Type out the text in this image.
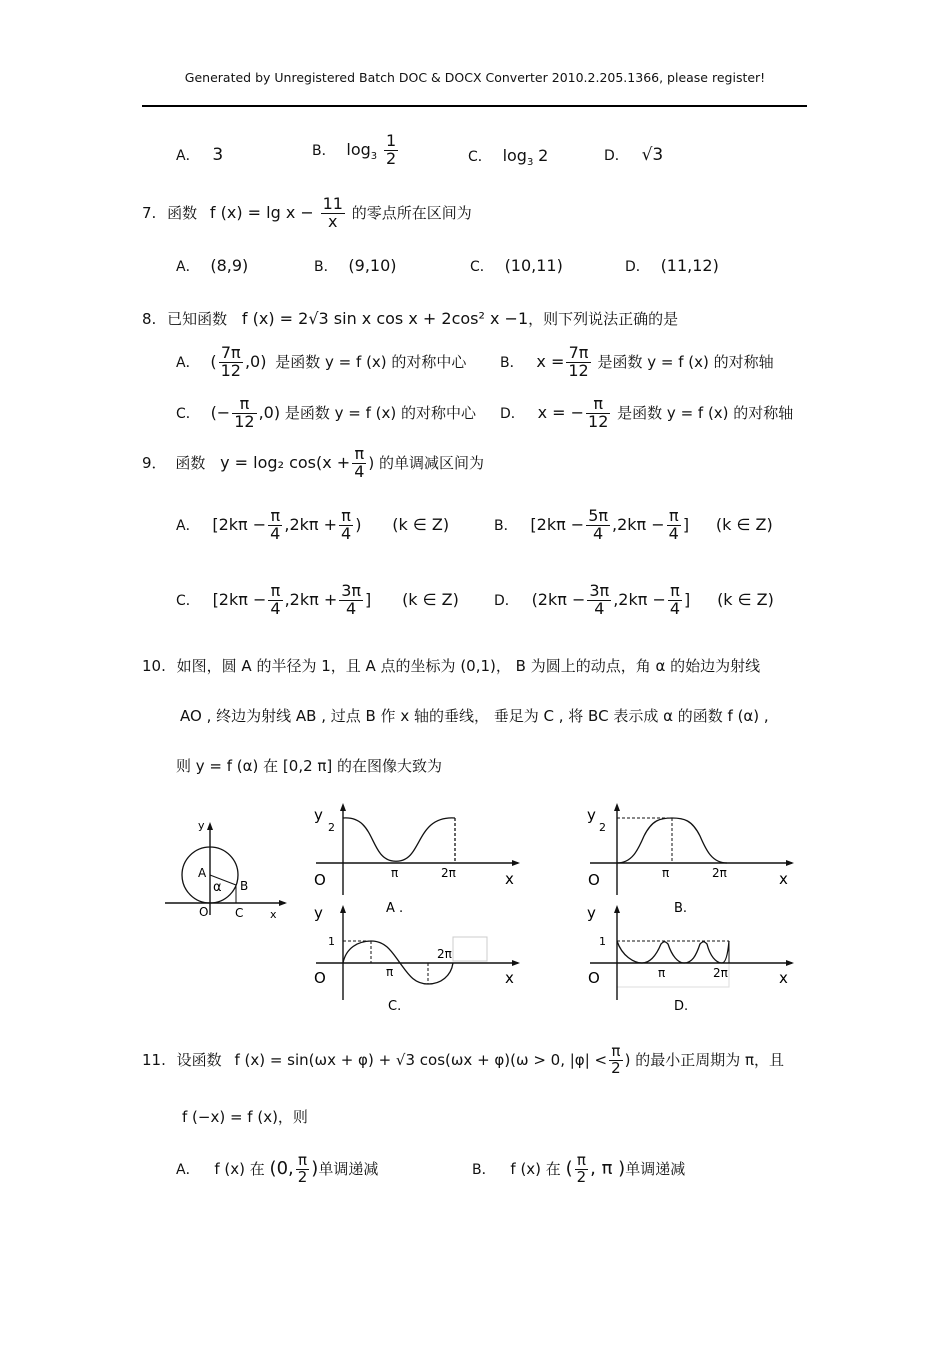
Generated by Unregistered Batch DOC & DOCX Converter 2010.2.205.1366, please register!
A． 3	B． $\log_3 \frac{1}{2}$	C． $\log_3 2$	D． √3
7. 函数 f $(x) = \lg x - \frac{11}{x}$ 的零点所在区间为
A． (8,9)	B． (9,10)	C． (10,11)	D． (11,12)
8. 已知函数 f (x) = 2√3 sin x cos x + 2cos² x −1，则下列说法正确的是
A． ( $\frac{7\pi}{12} ,0$) 是函数 y = f (x) 的对称中心 B． $x = \frac{7\pi}{12}$ 是函数 y = f (x) 的对称轴
C． (− $\frac{\pi}{12} ,0$) 是函数 y = f (x) 的对称中心 D． x = − $\frac{\pi}{12}$ 是函数 y = f (x) 的对称轴
9． 函数 y = log₂ $\cos(x + \frac{\pi}{4}$ ) 的单调减区间为
A． [$2k\pi - \frac{\pi}{4} ,2k\pi + \frac{\pi}{4}$ ) (k ∈ Z)	B． [$2k\pi - \frac{5\pi}{4} ,2k\pi - \frac{\pi}{4}$ ] (k ∈ Z)
C． [$2k\pi - \frac{\pi}{4} ,2k\pi + \frac{3\pi}{4}$ ] (k ∈ Z)	D． ($2k\pi - \frac{3\pi}{4} ,2k\pi - \frac{\pi}{4}$ ] (k ∈ Z)
10. 如图，圆 A 的半径为 1，且 A 点的坐标为 (0,1)， B 为圆上的动点，角 α 的始边为射线
AO , 终边为射线 AB , 过点 B 作 x 轴的垂线， 垂足为 C , 将 BC 表示成 α 的函数 f (α) ,
则 y = f (α) 在 [0,2 π] 的在图像大致为
y
x
O
A
B
C
α
y
2
O	π	2π	x
A .
y
2
O	π	2π	x
B.
y
1
O	π
2π
x
C.
y
1
O	π	2π	x
D.
11. 设函数 f (x) = sin(ωx + φ) + √3 cos(ωx + φ)(ω > 0, $|\varphi| < \frac{\pi}{2}$ ) 的最小正周期为 π，且
f (−x) = f (x)，则
A． f (x) 在 (0, $\frac{\pi}{2}$ )单调递减	B． f (x) 在 ( $\frac{\pi}{2}$ , π )单调递减
